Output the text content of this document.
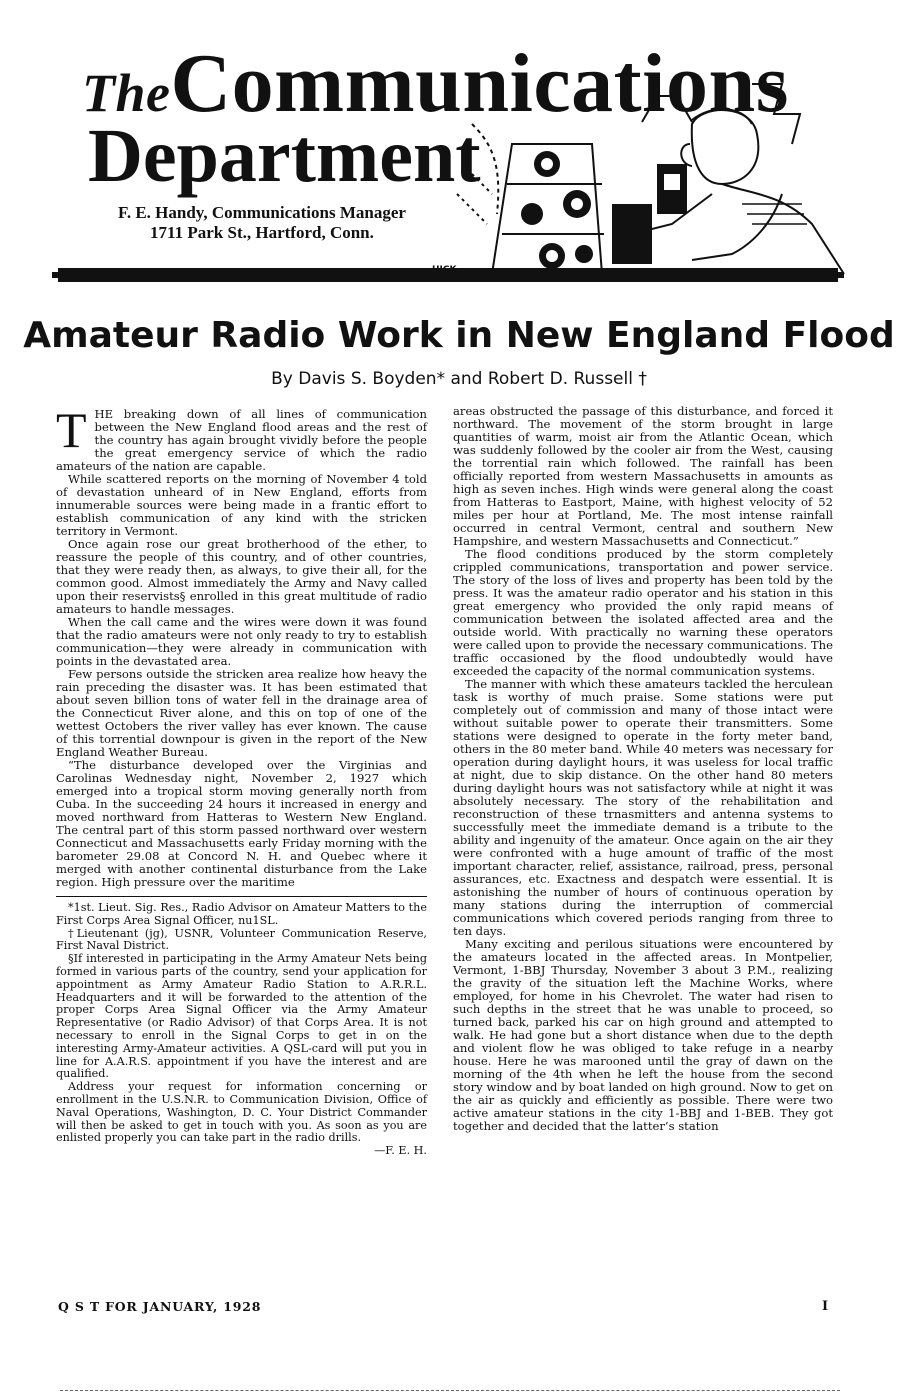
TheCommunications
Department
F. E. Handy, Communications Manager
1711 Park St., Hartford, Conn.
Amateur Radio Work in New England Flood
By Davis S. Boyden* and Robert D. Russell †

THE breaking down of all lines of communication between the New England flood areas and the rest of the country has again brought vividly before the people the great emergency service of which the radio amateurs of the nation are capable.

While scattered reports on the morning of November 4 told of devastation unheard of in New England, efforts from innumerable sources were being made in a frantic effort to establish communication of any kind with the stricken territory in Vermont.

Once again rose our great brotherhood of the ether, to reassure the people of this country, and of other countries, that they were ready then, as always, to give their all, for the common good. Almost immediately the Army and Navy called upon their reservists§ enrolled in this great multitude of radio amateurs to handle messages.

When the call came and the wires were down it was found that the radio amateurs were not only ready to try to establish communication—they were already in communication with points in the devastated area.

Few persons outside the stricken area realize how heavy the rain preceding the disaster was. It has been estimated that about seven billion tons of water fell in the drainage area of the Connecticut River alone, and this on top of one of the wettest Octobers the river valley has ever known. The cause of this torrential downpour is given in the report of the New England Weather Bureau.

“The disturbance developed over the Virginias and Carolinas Wednesday night, November 2, 1927 which emerged into a tropical storm moving generally north from Cuba. In the succeeding 24 hours it increased in energy and moved northward from Hatteras to Western New England. The central part of this storm passed northward over western Connecticut and Massachusetts early Friday morning with the barometer 29.08 at Concord N. H. and Quebec where it merged with another continental disturbance from the Lake region. High pressure over the maritime

*1st. Lieut. Sig. Res., Radio Advisor on Amateur Matters to the First Corps Area Signal Officer, nu1SL.

†Lieutenant (jg), USNR, Volunteer Communication Reserve, First Naval District.

§If interested in participating in the Army Amateur Nets being formed in various parts of the country, send your application for appointment as Army Amateur Radio Station to A.R.R.L. Headquarters and it will be forwarded to the attention of the proper Corps Area Signal Officer via the Army Amateur Representative (or Radio Advisor) of that Corps Area. It is not necessary to enroll in the Signal Corps to get in on the interesting Army-Amateur activities. A QSL-card will put you in line for A.A.R.S. appointment if you have the interest and are qualified.

Address your request for information concerning or enrollment in the U.S.N.R. to Communication Division, Office of Naval Operations, Washington, D. C. Your District Commander will then be asked to get in touch with you. As soon as you are enlisted properly you can take part in the radio drills.

—F. E. H.

areas obstructed the passage of this disturbance, and forced it northward. The movement of the storm brought in large quantities of warm, moist air from the Atlantic Ocean, which was suddenly followed by the cooler air from the West, causing the torrential rain which followed. The rainfall has been officially reported from western Massachusetts in amounts as high as seven inches. High winds were general along the coast from Hatteras to Eastport, Maine, with highest velocity of 52 miles per hour at Portland, Me. The most intense rainfall occurred in central Vermont, central and southern New Hampshire, and western Massachusetts and Connecticut.”

The flood conditions produced by the storm completely crippled communications, transportation and power service. The story of the loss of lives and property has been told by the press. It was the amateur radio operator and his station in this great emergency who provided the only rapid means of communication between the isolated affected area and the outside world. With practically no warning these operators were called upon to provide the necessary communications. The traffic occasioned by the flood undoubtedly would have exceeded the capacity of the normal communication systems.

The manner with which these amateurs tackled the herculean task is worthy of much praise. Some stations were put completely out of commission and many of those intact were without suitable power to operate their transmitters. Some stations were designed to operate in the forty meter band, others in the 80 meter band. While 40 meters was necessary for operation during daylight hours, it was useless for local traffic at night, due to skip distance. On the other hand 80 meters during daylight hours was not satisfactory while at night it was absolutely necessary. The story of the rehabilitation and reconstruction of these trnasmitters and antenna systems to successfully meet the immediate demand is a tribute to the ability and ingenuity of the amateur. Once again on the air they were confronted with a huge amount of traffic of the most important character, relief, assistance, railroad, press, personal assurances, etc. Exactness and despatch were essential. It is astonishing the number of hours of continuous operation by many stations during the interruption of commercial communications which covered periods ranging from three to ten days.

Many exciting and perilous situations were encountered by the amateurs located in the affected areas. In Montpelier, Vermont, 1-BBJ Thursday, November 3 about 3 P.M., realizing the gravity of the situation left the Machine Works, where employed, for home in his Chevrolet. The water had risen to such depths in the street that he was unable to proceed, so turned back, parked his car on high ground and attempted to walk. He had gone but a short distance when due to the depth and violent flow he was obliged to take refuge in a nearby house. Here he was marooned until the gray of dawn on the morning of the 4th when he left the house from the second story window and by boat landed on high ground. Now to get on the air as quickly and efficiently as possible. There were two active amateur stations in the city 1-BBJ and 1-BEB. They got together and decided that the latter’s station

Q S T FOR JANUARY, 1928	I
